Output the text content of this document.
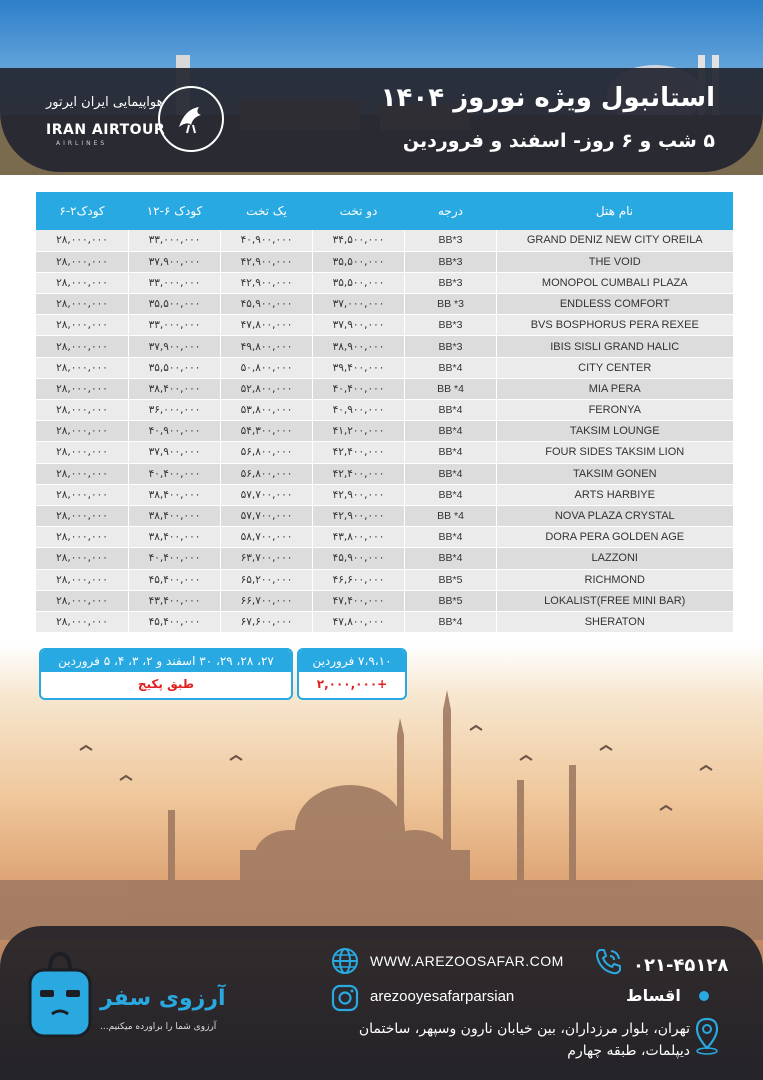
هواپیمایی ایران ایرتور
IRAN AIRTOUR
AIRLINES
استانبول ویژه نوروز ۱۴۰۴
۵ شب و ۶ روز- اسفند و فروردین
نام هتل	درجه	دو تخت	یک تخت	کودک ۶-۱۲	کودک۲-۶
GRAND DENIZ NEW CITY OREILA	3*BB	۳۴,۵۰۰,۰۰۰	۴۰,۹۰۰,۰۰۰	۳۳,۰۰۰,۰۰۰	۲۸,۰۰۰,۰۰۰
THE VOID	3*BB	۳۵,۵۰۰,۰۰۰	۴۲,۹۰۰,۰۰۰	۳۷,۹۰۰,۰۰۰	۲۸,۰۰۰,۰۰۰
MONOPOL CUMBALI PLAZA	3*BB	۳۵,۵۰۰,۰۰۰	۴۲,۹۰۰,۰۰۰	۳۳,۰۰۰,۰۰۰	۲۸,۰۰۰,۰۰۰
ENDLESS COMFORT	3* BB	۳۷,۰۰۰,۰۰۰	۴۵,۹۰۰,۰۰۰	۳۵,۵۰۰,۰۰۰	۲۸,۰۰۰,۰۰۰
BVS BOSPHORUS PERA REXEE	3*BB	۳۷,۹۰۰,۰۰۰	۴۷,۸۰۰,۰۰۰	۳۳,۰۰۰,۰۰۰	۲۸,۰۰۰,۰۰۰
IBIS SISLI GRAND HALIC	3*BB	۳۸,۹۰۰,۰۰۰	۴۹,۸۰۰,۰۰۰	۳۷,۹۰۰,۰۰۰	۲۸,۰۰۰,۰۰۰
CITY CENTER	4*BB	۳۹,۴۰۰,۰۰۰	۵۰,۸۰۰,۰۰۰	۳۵,۵۰۰,۰۰۰	۲۸,۰۰۰,۰۰۰
MIA PERA	4* BB	۴۰,۴۰۰,۰۰۰	۵۲,۸۰۰,۰۰۰	۳۸,۴۰۰,۰۰۰	۲۸,۰۰۰,۰۰۰
FERONYA	4*BB	۴۰,۹۰۰,۰۰۰	۵۳,۸۰۰,۰۰۰	۳۶,۰۰۰,۰۰۰	۲۸,۰۰۰,۰۰۰
TAKSIM LOUNGE	4*BB	۴۱,۲۰۰,۰۰۰	۵۴,۳۰۰,۰۰۰	۴۰,۹۰۰,۰۰۰	۲۸,۰۰۰,۰۰۰
FOUR SIDES TAKSIM LION	4*BB	۴۲,۴۰۰,۰۰۰	۵۶,۸۰۰,۰۰۰	۳۷,۹۰۰,۰۰۰	۲۸,۰۰۰,۰۰۰
TAKSIM GONEN	4*BB	۴۲,۴۰۰,۰۰۰	۵۶,۸۰۰,۰۰۰	۴۰,۴۰۰,۰۰۰	۲۸,۰۰۰,۰۰۰
ARTS HARBIYE	4*BB	۴۲,۹۰۰,۰۰۰	۵۷,۷۰۰,۰۰۰	۳۸,۴۰۰,۰۰۰	۲۸,۰۰۰,۰۰۰
NOVA PLAZA CRYSTAL	4* BB	۴۲,۹۰۰,۰۰۰	۵۷,۷۰۰,۰۰۰	۳۸,۴۰۰,۰۰۰	۲۸,۰۰۰,۰۰۰
DORA PERA GOLDEN AGE	4*BB	۴۳,۸۰۰,۰۰۰	۵۸,۷۰۰,۰۰۰	۳۸,۴۰۰,۰۰۰	۲۸,۰۰۰,۰۰۰
LAZZONI	4*BB	۴۵,۹۰۰,۰۰۰	۶۳,۷۰۰,۰۰۰	۴۰,۴۰۰,۰۰۰	۲۸,۰۰۰,۰۰۰
RICHMOND	5*BB	۴۶,۶۰۰,۰۰۰	۶۵,۲۰۰,۰۰۰	۴۵,۴۰۰,۰۰۰	۲۸,۰۰۰,۰۰۰
LOKALIST(FREE MINI BAR)	5*BB	۴۷,۴۰۰,۰۰۰	۶۶,۷۰۰,۰۰۰	۴۳,۴۰۰,۰۰۰	۲۸,۰۰۰,۰۰۰
SHERATON	4*BB	۴۷,۸۰۰,۰۰۰	۶۷,۶۰۰,۰۰۰	۴۵,۴۰۰,۰۰۰	۲۸,۰۰۰,۰۰۰
۷،۹،۱۰ فروردین
+۲,۰۰۰,۰۰۰
۲۷، ۲۸، ۲۹، ۳۰ اسفند و ۲، ۳، ۴، ۵ فروردین
طبق پکیج
WWW.AREZOOSAFAR.COM
arezooyesafarparsian
۰۲۱-۴۵۱۲۸
اقساط
تهران، بلوار مرزداران، بین خیابان نارون وسپهر، ساختمان دیپلمات، طبقه چهارم
آرزوی سفر
آرزوی شما را براورده میکنیم...
